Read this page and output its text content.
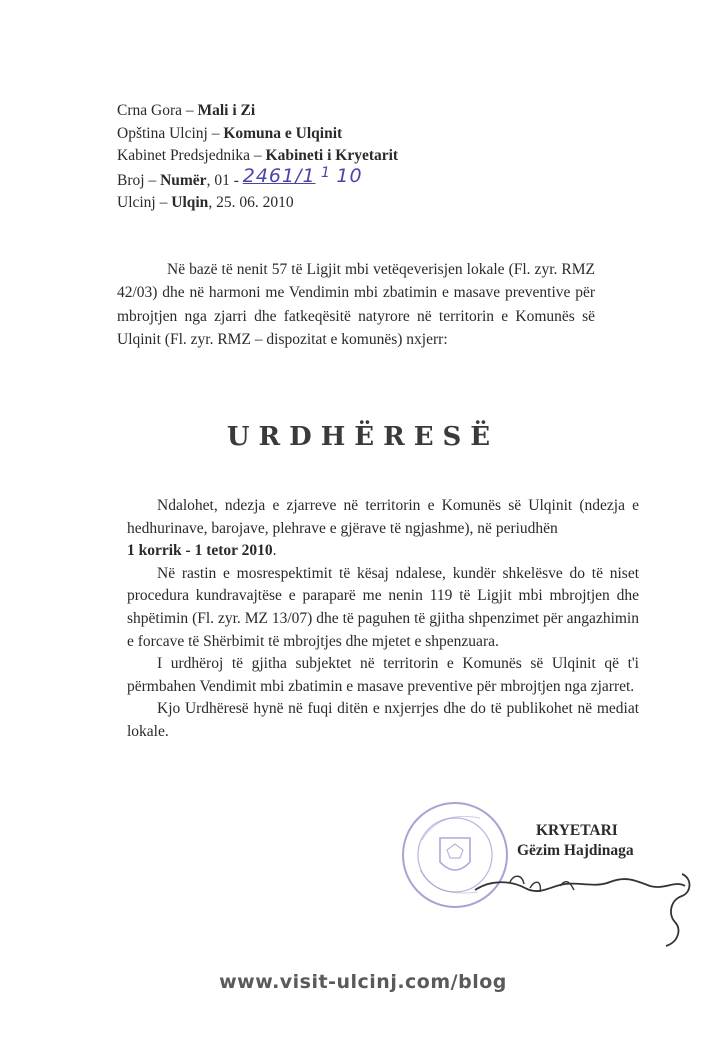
Crna Gora – Mali i Zi
Opština Ulcinj – Komuna e Ulqinit
Kabinet Predsjednika – Kabineti i Kryetarit
Broj – Numër, 01 - 2461/1 1 10
Ulcinj – Ulqin, 25. 06. 2010
Në bazë të nenit 57 të Ligjit mbi vetëqeverisjen lokale (Fl. zyr. RMZ 42/03) dhe në harmoni me Vendimin mbi zbatimin e masave preventive për mbrojtjen nga zjarri dhe fatkeqësitë natyrore në territorin e Komunës së Ulqinit (Fl. zyr. RMZ – dispozitat e komunës) nxjerr:
URDHËRESË

Ndalohet, ndezja e zjarreve në territorin e Komunës së Ulqinit (ndezja e hedhurinave, barojave, plehrave e gjërave të ngjashme), në periudhën
1 korrik - 1 tetor 2010.

Në rastin e mosrespektimit të kësaj ndalese, kundër shkelësve do të niset procedura kundravajtëse e paraparë me nenin 119 të Ligjit mbi mbrojtjen dhe shpëtimin (Fl. zyr. MZ 13/07) dhe të paguhen të gjitha shpenzimet për angazhimin e forcave të Shërbimit të mbrojtjes dhe mjetet e shpenzuara.

I urdhëroj të gjitha subjektet në territorin e Komunës së Ulqinit që t'i përmbahen Vendimit mbi zbatimin e masave preventive për mbrojtjen nga zjarret.

Kjo Urdhëresë hynë në fuqi ditën e nxjerrjes dhe do të publikohet në mediat lokale.

KRYETARI
Gëzim Hajdinaga
www.visit-ulcinj.com/blog
